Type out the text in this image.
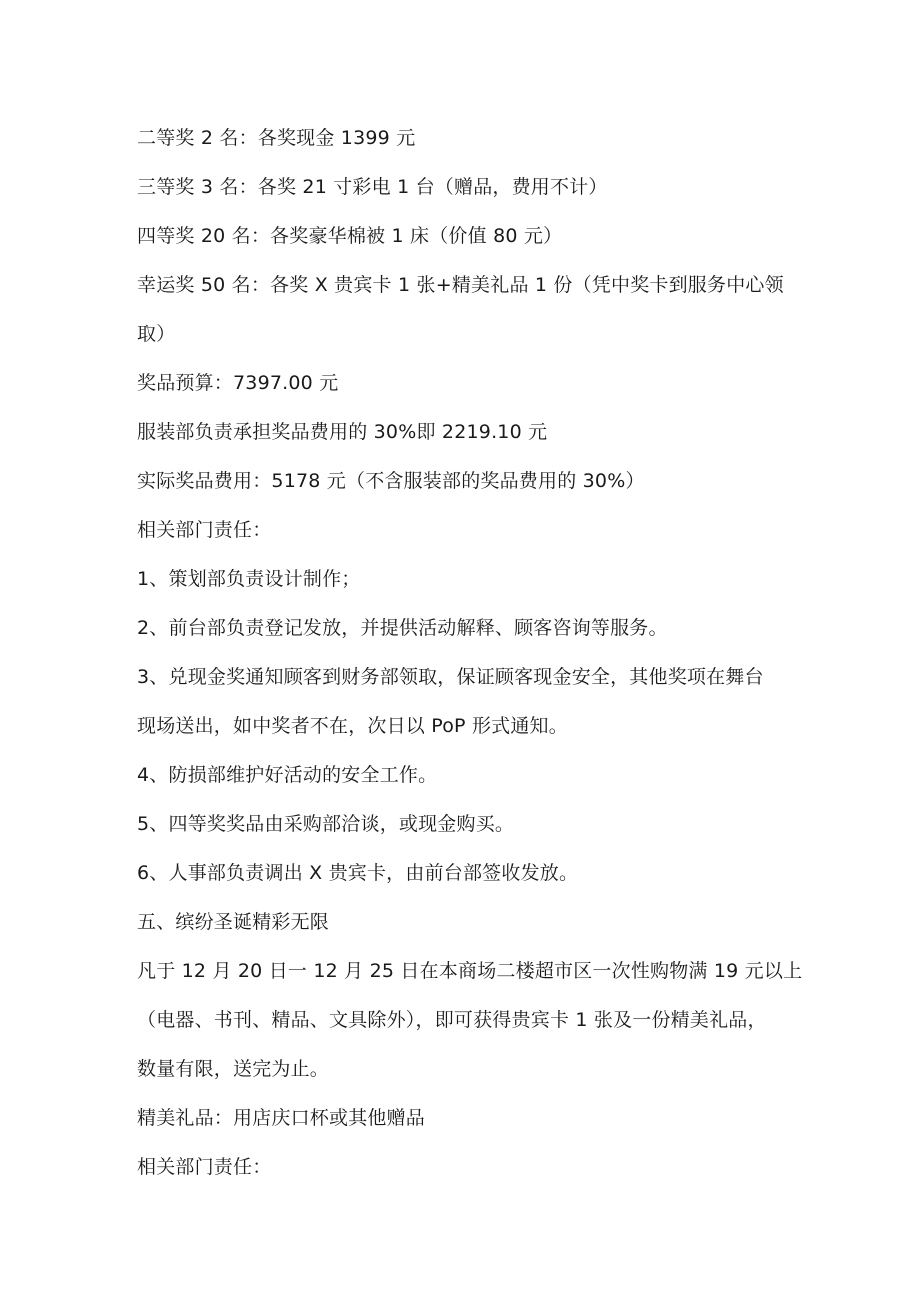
二等奖 2 名：各奖现金 1399 元
三等奖 3 名：各奖 21 寸彩电 1 台（赠品，费用不计）
四等奖 20 名：各奖豪华棉被 1 床（价值 80 元）
幸运奖 50 名：各奖 X 贵宾卡 1 张+精美礼品 1 份（凭中奖卡到服务中心领
取）
奖品预算：7397.00 元
服装部负责承担奖品费用的 30%即 2219.10 元
实际奖品费用：5178 元（不含服装部的奖品费用的 30%）
相关部门责任：
1、策划部负责设计制作；
2、前台部负责登记发放，并提供活动解释、顾客咨询等服务。
3、兑现金奖通知顾客到财务部领取，保证顾客现金安全，其他奖项在舞台
现场送出，如中奖者不在，次日以 PoP 形式通知。
4、防损部维护好活动的安全工作。
5、四等奖奖品由采购部洽谈，或现金购买。
6、人事部负责调出 X 贵宾卡，由前台部签收发放。
五、缤纷圣诞精彩无限
凡于 12 月 20 日一 12 月 25 日在本商场二楼超市区一次性购物满 19 元以上
（电器、书刊、精品、文具除外），即可获得贵宾卡 1 张及一份精美礼品，
数量有限，送完为止。
精美礼品：用店庆口杯或其他赠品
相关部门责任：
